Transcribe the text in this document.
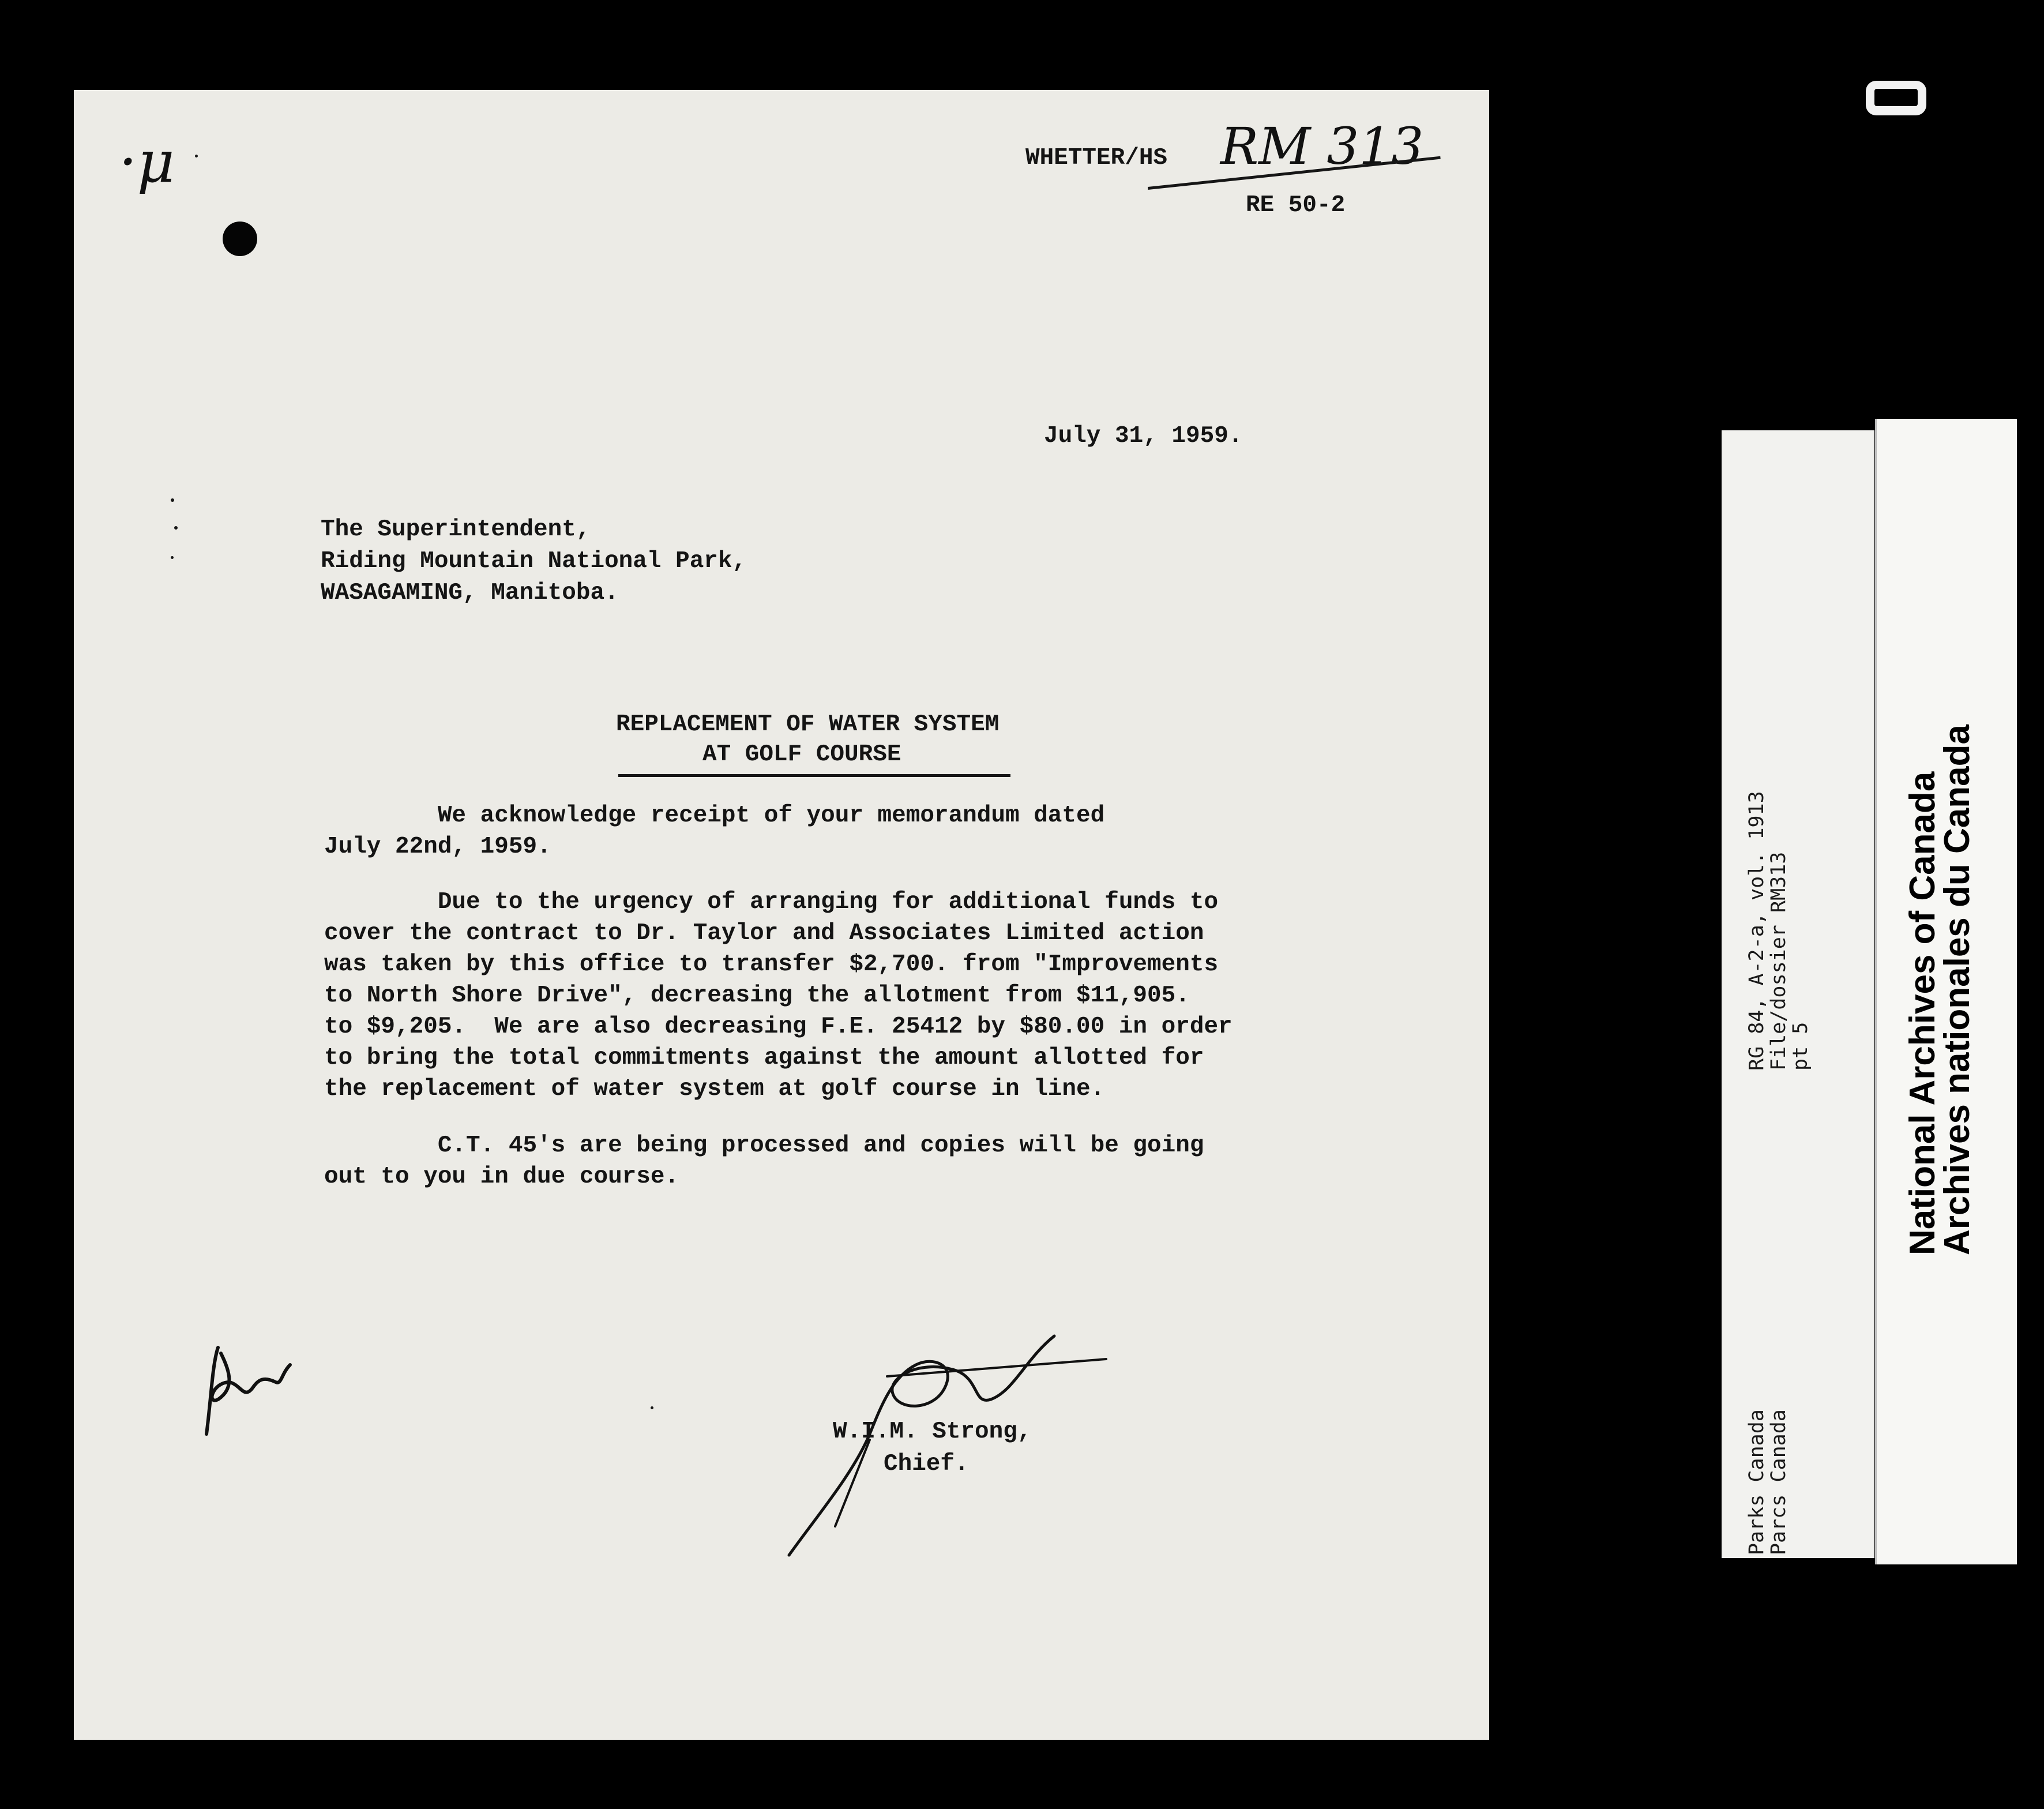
·μ	WHETTER/HS RM 313

RE 50-2

July 31, 1959.

The Superintendent,

Riding Mountain National Park,

WASAGAMING, Manitoba.

REPLACEMENT OF WATER SYSTEM

AT GOLF COURSE

We acknowledge receipt of your memorandum dated

July 22nd, 1959.

Due to the urgency of arranging for additional funds to

cover the contract to Dr. Taylor and Associates Limited action

was taken by this office to transfer $2,700. from "Improvements

to North Shore Drive", decreasing the allotment from $11,905.

to $9,205.  We are also decreasing F.E. 25412 by $80.00 in order

to bring the total commitments against the amount allotted for

the replacement of water system at golf course in line.

C.T. 45's are being processed and copies will be going

out to you in due course.

W.I.M. Strong,

Chief.

RG 84, A-2-a, vol. 1913
File/dossier RM313
pt 5

Parks Canada
Parcs Canada

National Archives of Canada
Archives nationales du Canada
